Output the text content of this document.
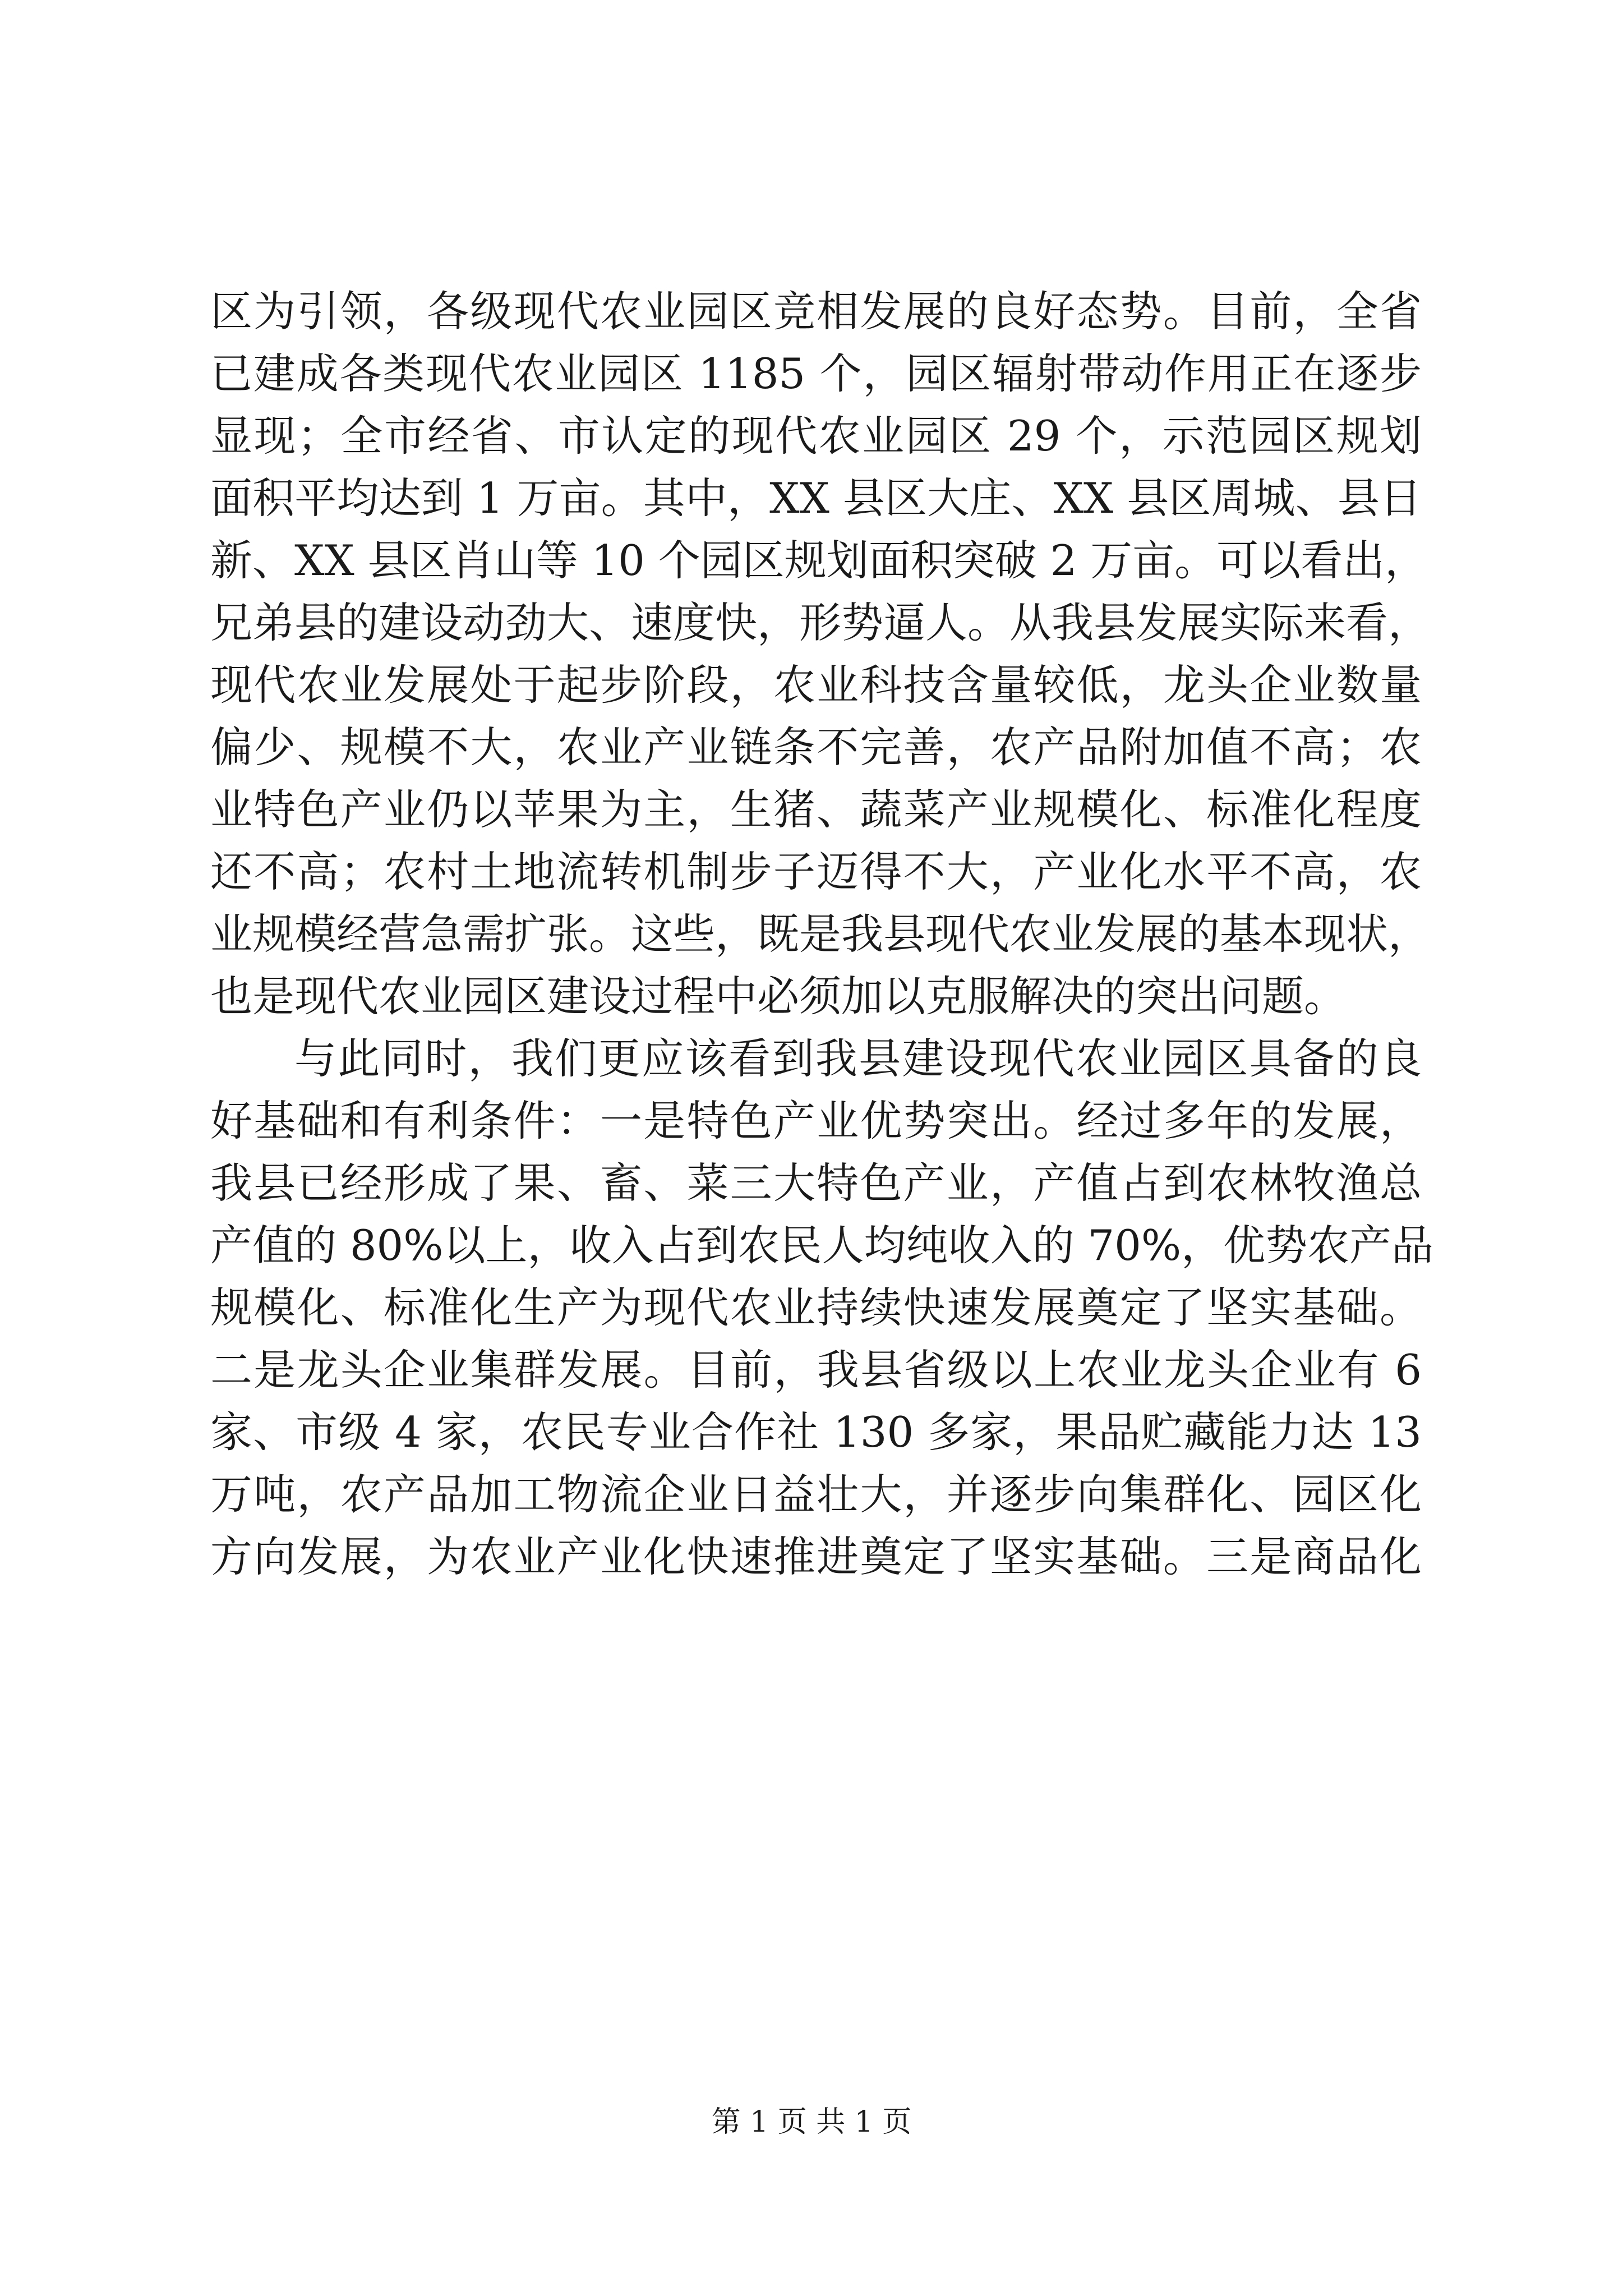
区为引领，各级现代农业园区竞相发展的良好态势。目前，全省
已建成各类现代农业园区 1185 个，园区辐射带动作用正在逐步
显现；全市经省、市认定的现代农业园区 29 个，示范园区规划
面积平均达到 1 万亩。其中，XX 县区大庄、XX 县区周城、县日
新、XX 县区肖山等 10 个园区规划面积突破 2 万亩。可以看出，
兄弟县的建设动劲大、速度快，形势逼人。从我县发展实际来看，
现代农业发展处于起步阶段，农业科技含量较低，龙头企业数量
偏少、规模不大，农业产业链条不完善，农产品附加值不高；农
业特色产业仍以苹果为主，生猪、蔬菜产业规模化、标准化程度
还不高；农村土地流转机制步子迈得不大，产业化水平不高，农
业规模经营急需扩张。这些，既是我县现代农业发展的基本现状，
也是现代农业园区建设过程中必须加以克服解决的突出问题。
与此同时，我们更应该看到我县建设现代农业园区具备的良
好基础和有利条件：一是特色产业优势突出。经过多年的发展，
我县已经形成了果、畜、菜三大特色产业，产值占到农林牧渔总
产值的 80%以上，收入占到农民人均纯收入的 70%，优势农产品
规模化、标准化生产为现代农业持续快速发展奠定了坚实基础。
二是龙头企业集群发展。目前，我县省级以上农业龙头企业有 6
家、市级 4 家，农民专业合作社 130 多家，果品贮藏能力达 13
万吨，农产品加工物流企业日益壮大，并逐步向集群化、园区化
方向发展，为农业产业化快速推进奠定了坚实基础。三是商品化
第 1 页 共 1 页
